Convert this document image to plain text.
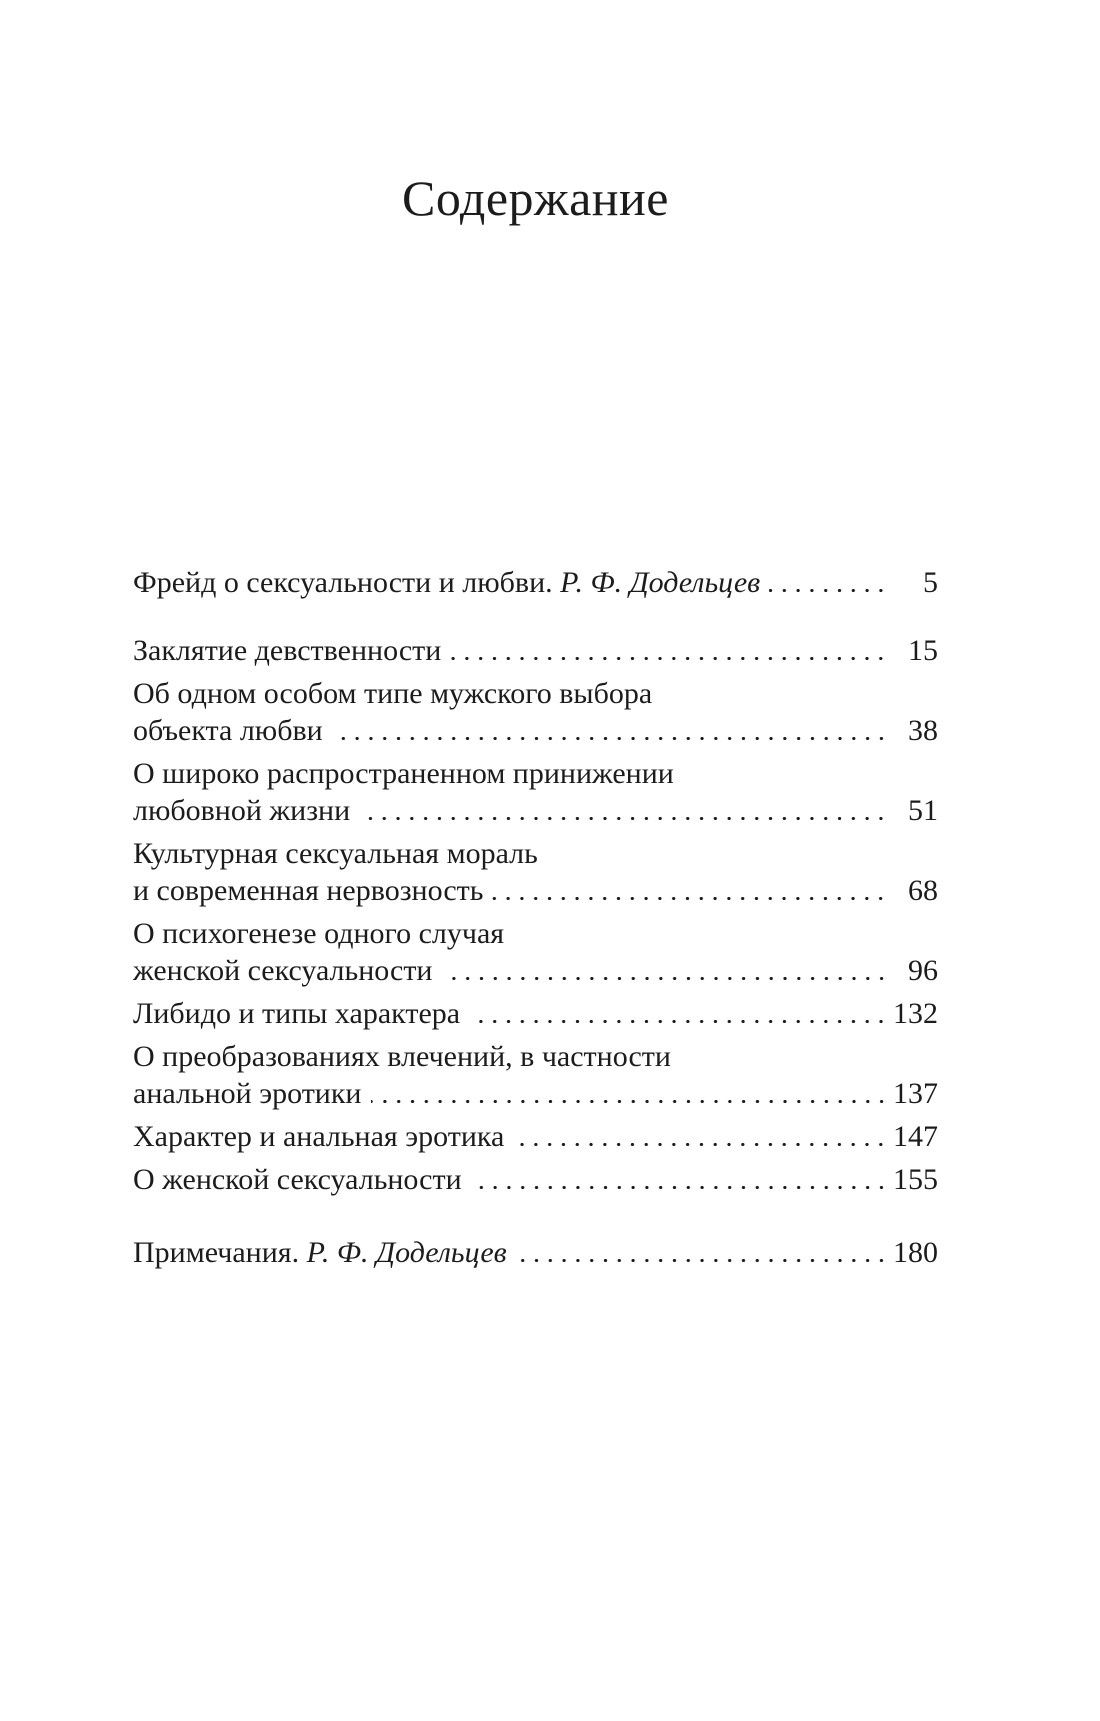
Содержание
Фрейд о сексуальности и любви. Р. Ф. Додельцев	5
Заклятие девственности	15
Об одном особом типе мужского выбора
объекта любви	38
О широко распространенном принижении
любовной жизни	51
Культурная сексуальная мораль
и современная нервозность	68
О психогенезе одного случая
женской сексуальности	96
Либидо и типы характера	132
О преобразованиях влечений, в частности
анальной эротики	137
Характер и анальная эротика	147
О женской сексуальности	155
Примечания. Р. Ф. Додельцев	180
